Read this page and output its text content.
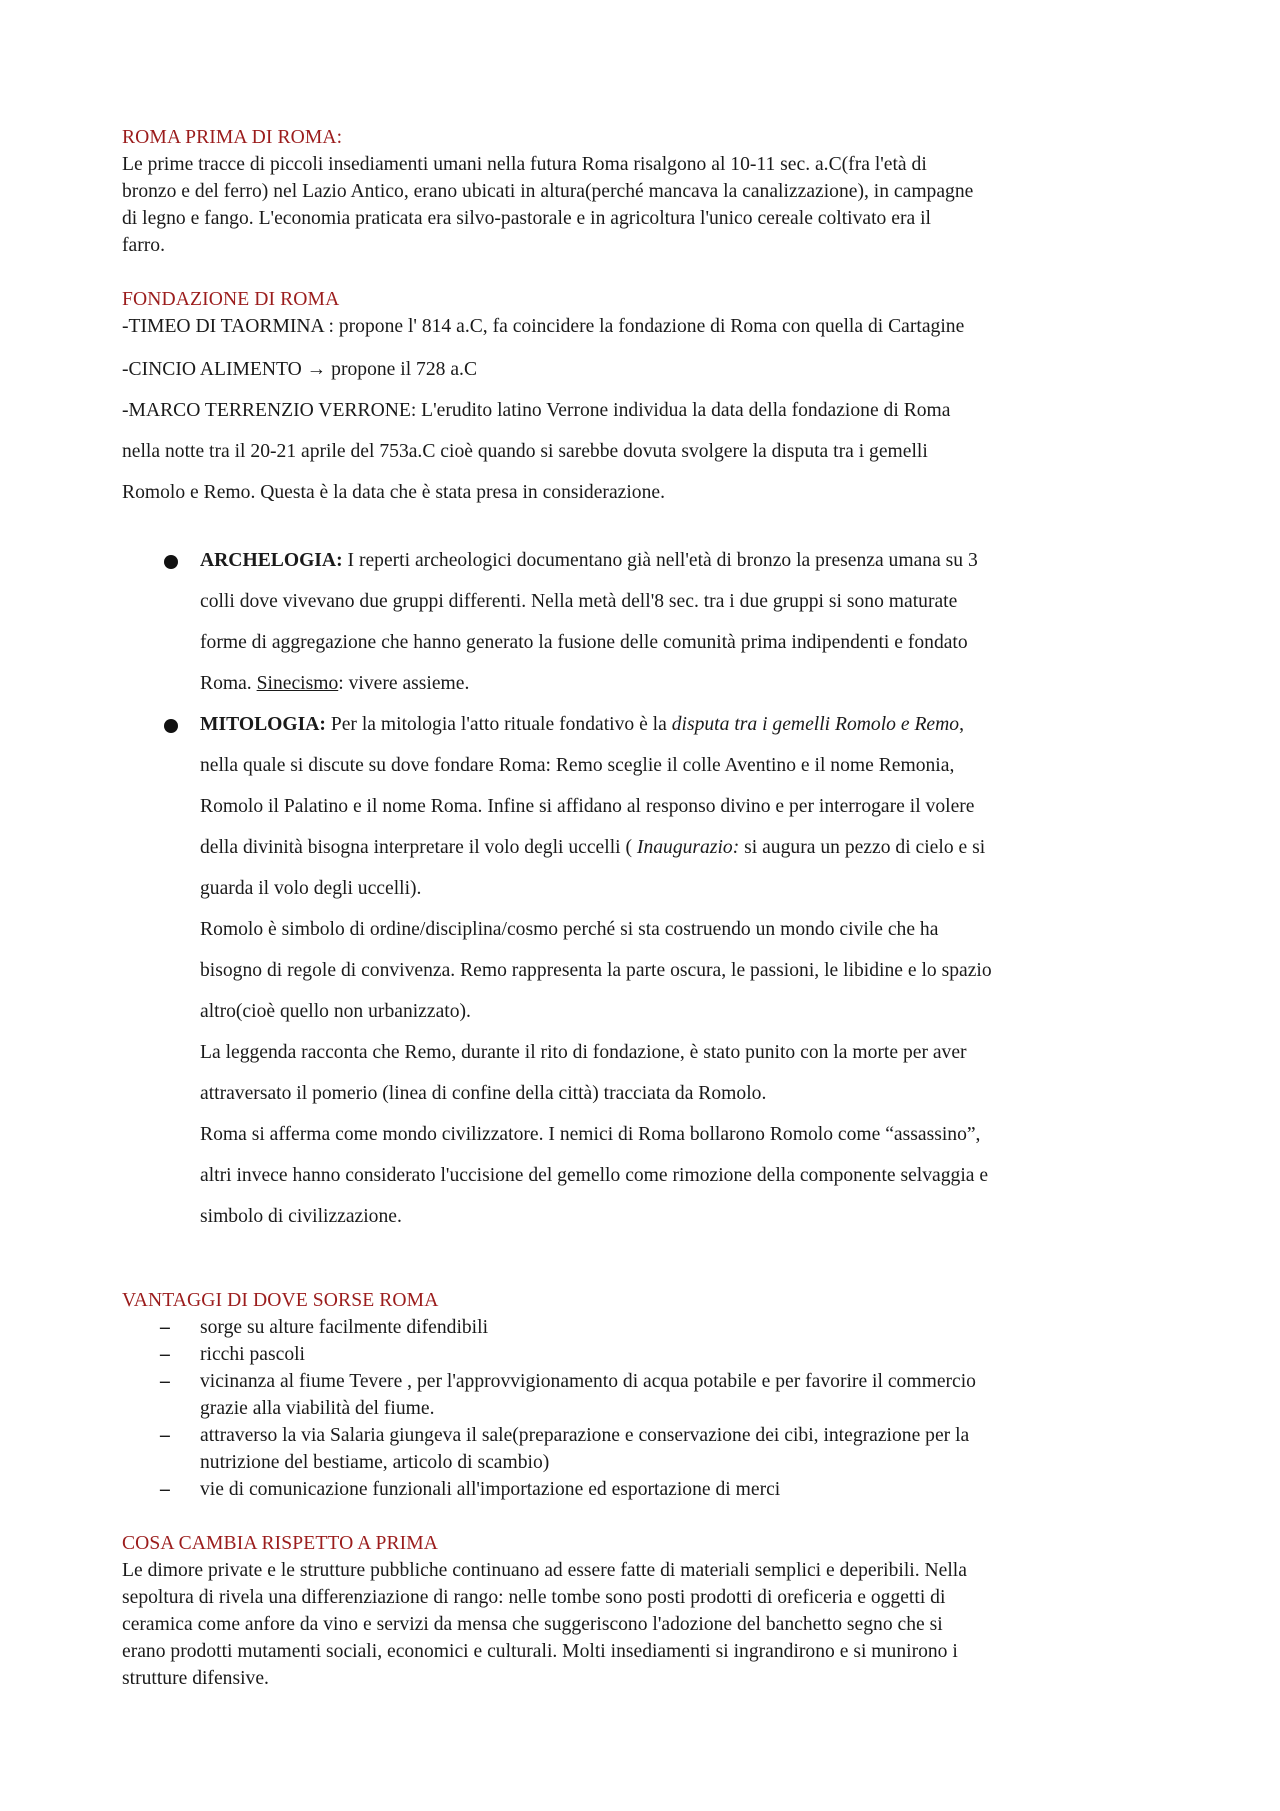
ROMA PRIMA DI ROMA:

Le prime tracce di piccoli insediamenti umani nella futura Roma risalgono al 10-11 sec. a.C(fra l'età di

bronzo e del ferro) nel Lazio Antico, erano ubicati in altura(perché mancava la canalizzazione), in campagne

di legno e fango. L'economia praticata era silvo-pastorale e in agricoltura l'unico cereale coltivato era il

farro.

FONDAZIONE DI ROMA

-TIMEO DI TAORMINA : propone l' 814 a.C, fa coincidere la fondazione di Roma con quella di Cartagine

-CINCIO ALIMENTO → propone il 728 a.C

-MARCO TERRENZIO VERRONE: L'erudito latino Verrone individua la data della fondazione di Roma

nella notte tra il 20-21 aprile del 753a.C cioè quando si sarebbe dovuta svolgere la disputa tra i gemelli

Romolo e Remo. Questa è la data che è stata presa in considerazione.

ARCHELOGIA: I reperti archeologici documentano già nell'età di bronzo la presenza umana su 3

colli dove vivevano due gruppi differenti. Nella metà dell'8 sec. tra i due gruppi si sono maturate

forme di aggregazione che hanno generato la fusione delle comunità prima indipendenti e fondato

Roma. Sinecismo: vivere assieme.

MITOLOGIA: Per la mitologia l'atto rituale fondativo è la disputa tra i gemelli Romolo e Remo,

nella quale si discute su dove fondare Roma: Remo sceglie il colle Aventino e il nome Remonia,

Romolo il Palatino e il nome Roma. Infine si affidano al responso divino e per interrogare il volere

della divinità bisogna interpretare il volo degli uccelli ( Inaugurazio: si augura un pezzo di cielo e si

guarda il volo degli uccelli).

Romolo è simbolo di ordine/disciplina/cosmo perché si sta costruendo un mondo civile che ha

bisogno di regole di convivenza. Remo rappresenta la parte oscura, le passioni, le libidine e lo spazio

altro(cioè quello non urbanizzato).

La leggenda racconta che Remo, durante il rito di fondazione, è stato punito con la morte per aver

attraversato il pomerio (linea di confine della città) tracciata da Romolo.

Roma si afferma come mondo civilizzatore. I nemici di Roma bollarono Romolo come “assassino”,

altri invece hanno considerato l'uccisione del gemello come rimozione della componente selvaggia e

simbolo di civilizzazione.

VANTAGGI DI DOVE SORSE ROMA
– sorge su alture facilmente difendibili
– ricchi pascoli
– vicinanza al fiume Tevere , per l'approvvigionamento di acqua potabile e per favorire il commercio
grazie alla viabilità del fiume.
– attraverso la via Salaria giungeva il sale(preparazione e conservazione dei cibi, integrazione per la
nutrizione del bestiame, articolo di scambio)
– vie di comunicazione funzionali all'importazione ed esportazione di merci
COSA CAMBIA RISPETTO A PRIMA

Le dimore private e le strutture pubbliche continuano ad essere fatte di materiali semplici e deperibili. Nella

sepoltura di rivela una differenziazione di rango: nelle tombe sono posti prodotti di oreficeria e oggetti di

ceramica come anfore da vino e servizi da mensa che suggeriscono l'adozione del banchetto segno che si

erano prodotti mutamenti sociali, economici e culturali. Molti insediamenti si ingrandirono e si munirono i

strutture difensive.
